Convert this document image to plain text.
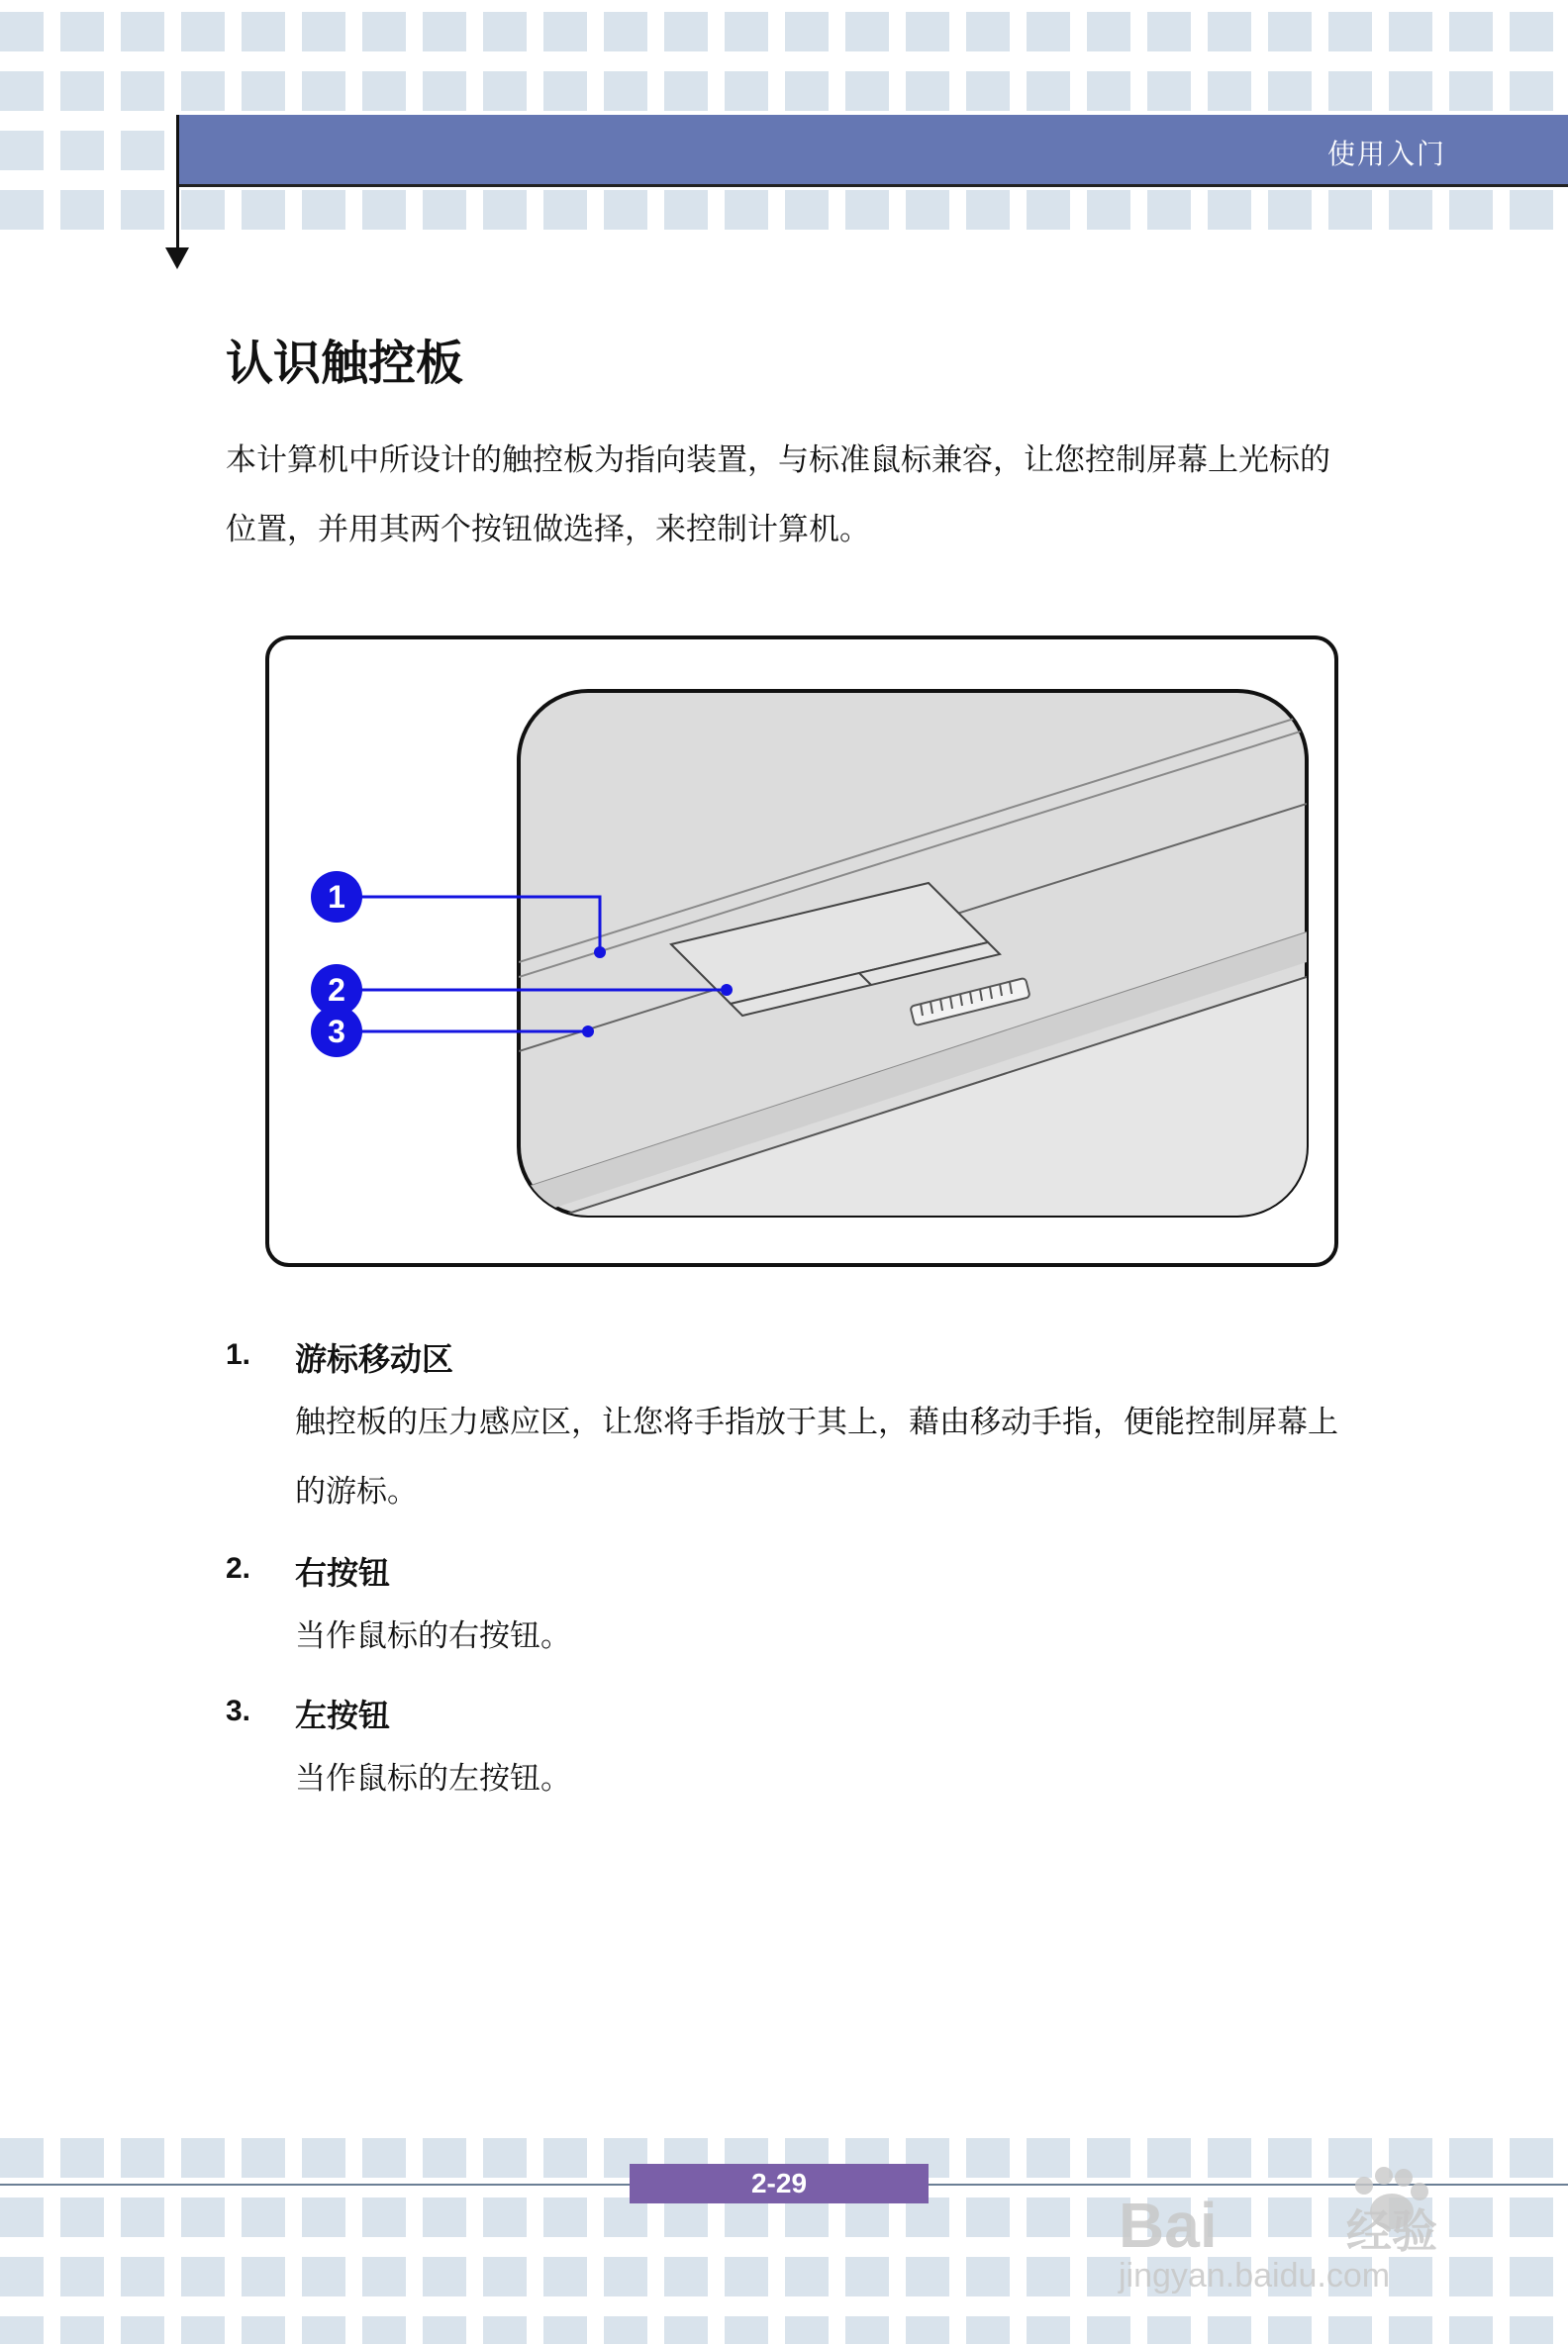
使用入门
认识触控板

本计算机中所设计的触控板为指向装置，与标准鼠标兼容，让您控制屏幕上光标的位置，并用其两个按钮做选择，来控制计算机。

1
2
3
1. 游标移动区

触控板的压力感应区，让您将手指放于其上，藉由移动手指，便能控制屏幕上的游标。

2. 右按钮

当作鼠标的右按钮。

3. 左按钮

当作鼠标的左按钮。

2-29
Bai	经验
jingyan.baidu.com
